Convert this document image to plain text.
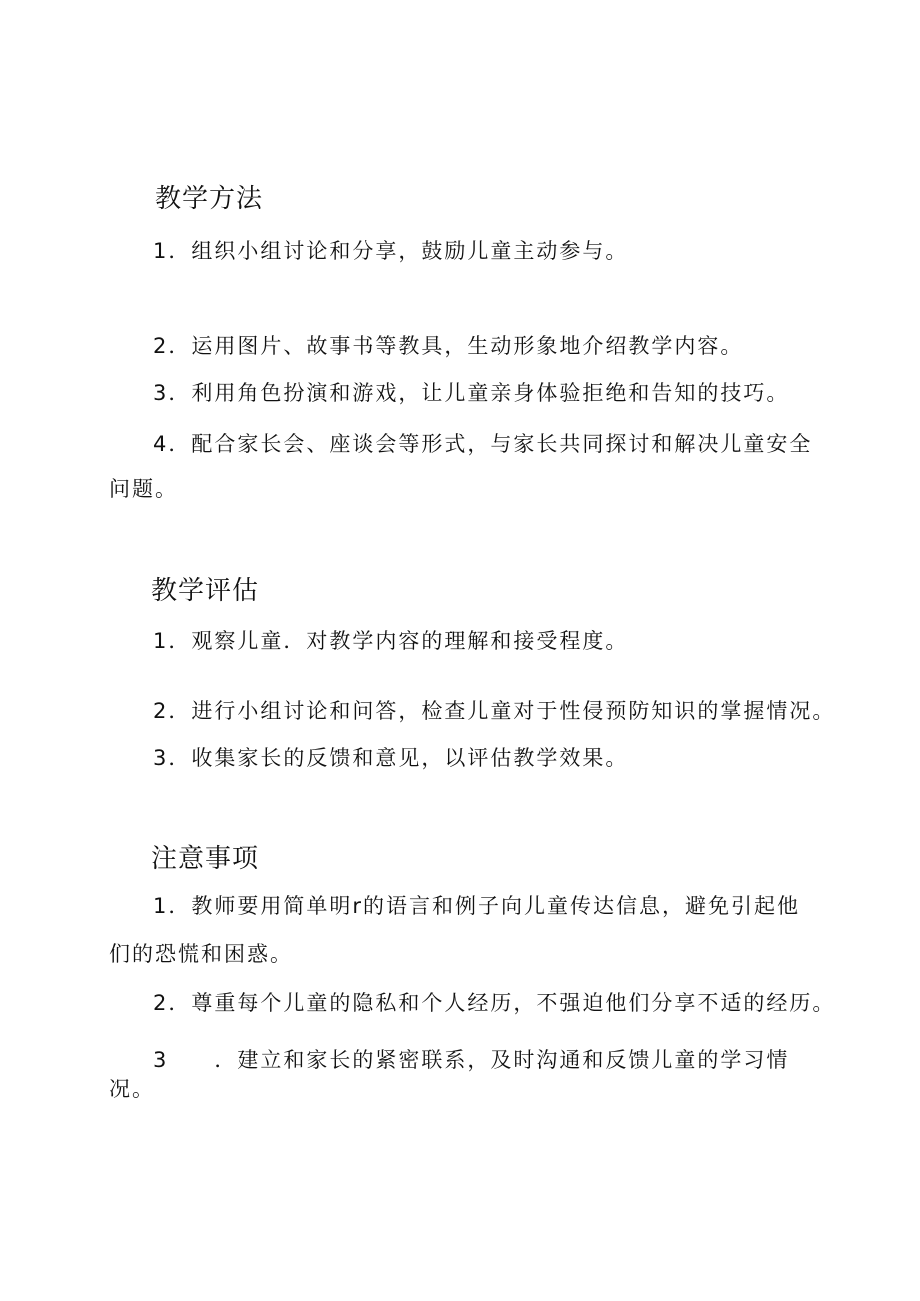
教学方法
1．组织小组讨论和分享，鼓励儿童主动参与。
2．运用图片、故事书等教具，生动形象地介绍教学内容。
3．利用角色扮演和游戏，让儿童亲身体验拒绝和告知的技巧。
4．配合家长会、座谈会等形式，与家长共同探讨和解决儿童安全
问题。
教学评估
1．观察儿童．对教学内容的理解和接受程度。
2．进行小组讨论和问答，检查儿童对于性侵预防知识的掌握情况。
3．收集家长的反馈和意见，以评估教学效果。
注意事项
1．教师要用简单明r的语言和例子向儿童传达信息，避免引起他
们的恐慌和困惑。
2．尊重每个儿童的隐私和个人经历，不强迫他们分享不适的经历。
3　　．建立和家长的紧密联系，及时沟通和反馈儿童的学习情
况。
